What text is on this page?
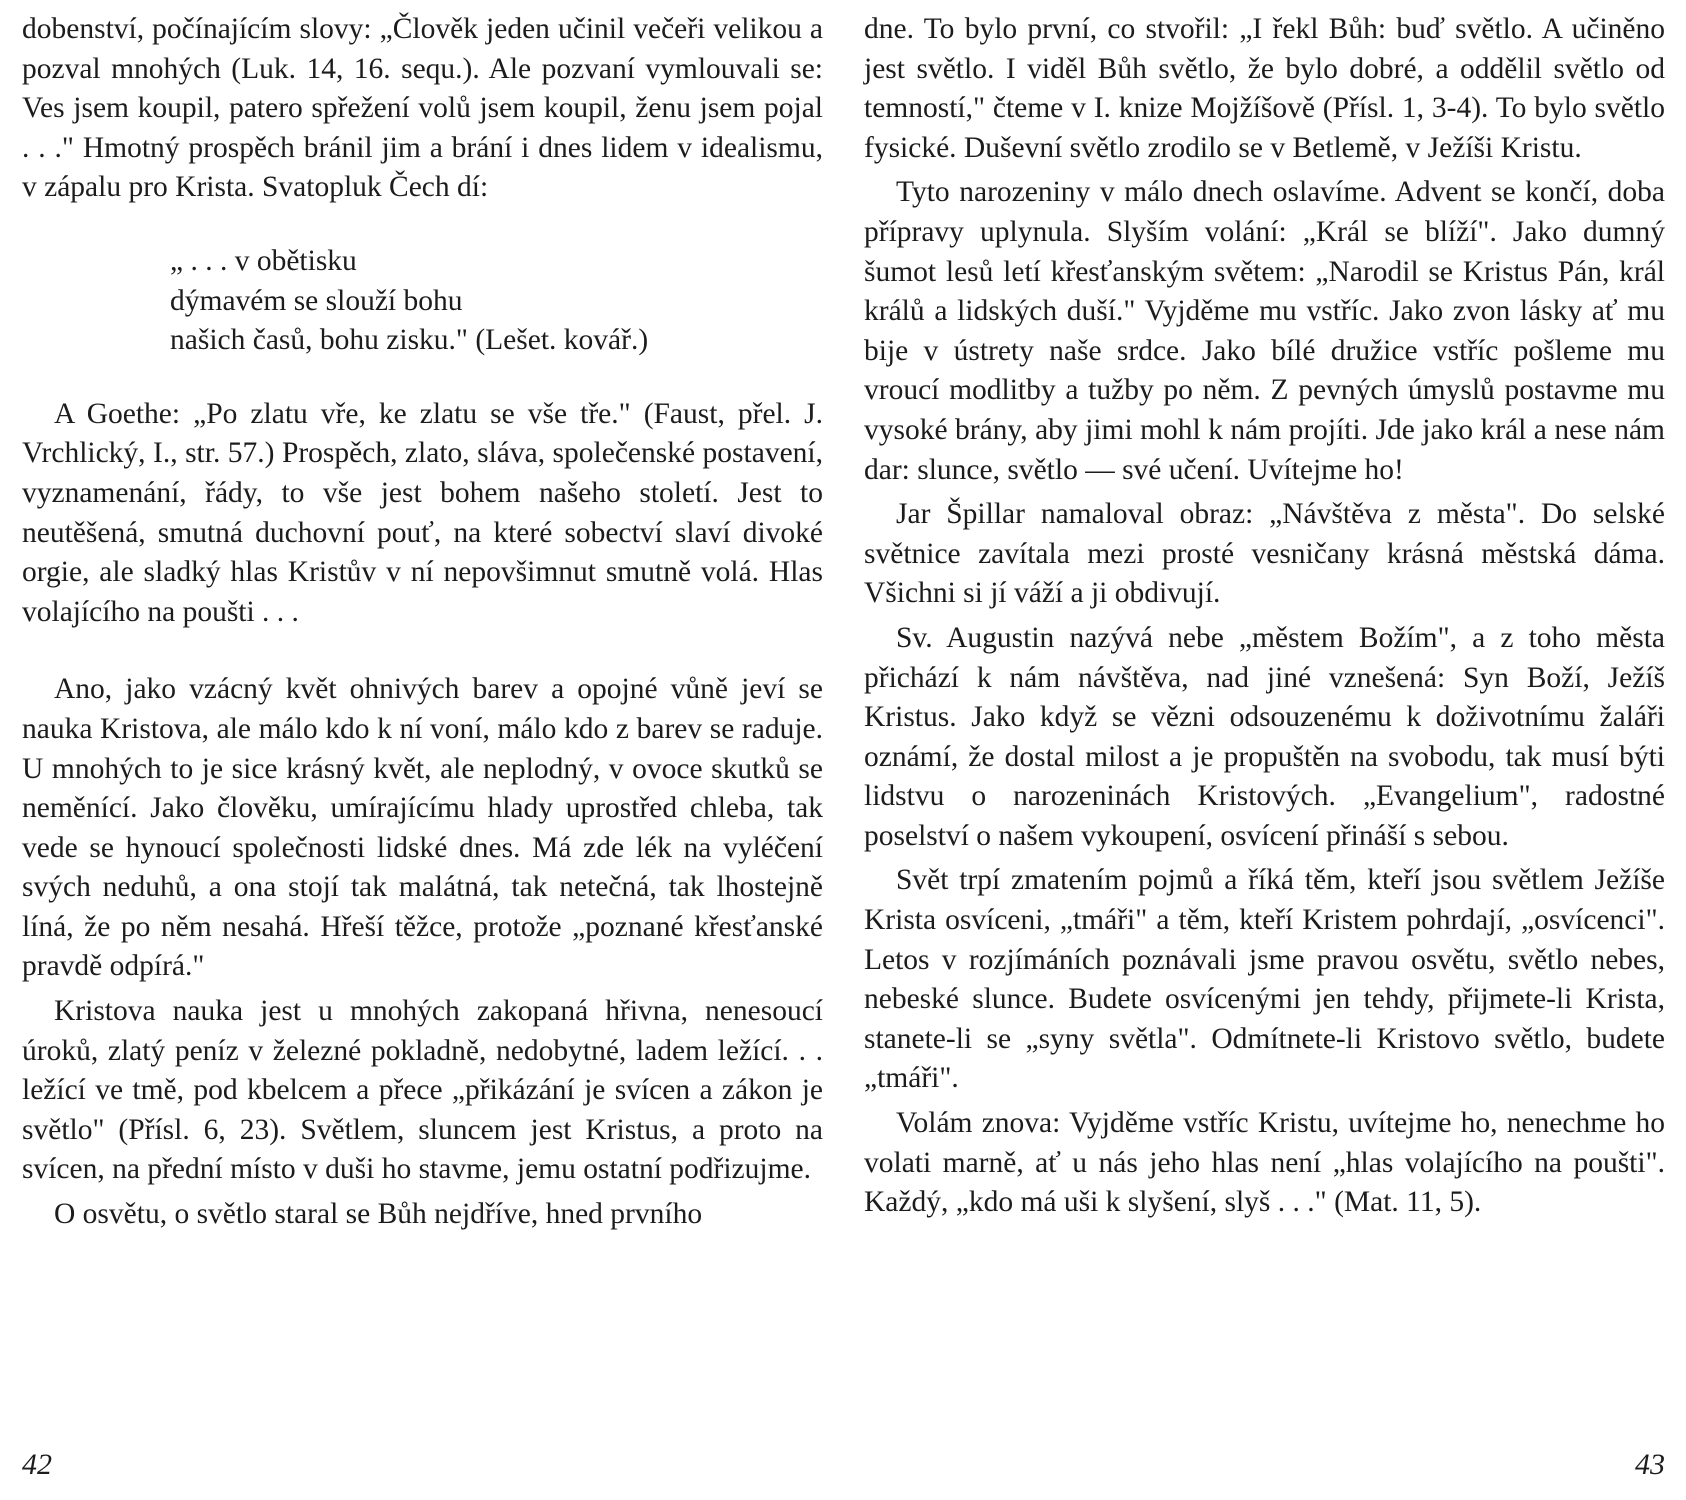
dobenství, počínajícím slovy: „Člověk jeden učinil večeři velikou a pozval mnohých (Luk. 14, 16. sequ.). Ale pozvaní vymlouvali se: Ves jsem koupil, patero spřežení volů jsem koupil, ženu jsem pojal . . ." Hmotný prospěch bránil jim a brání i dnes lidem v idealismu, v zápalu pro Krista. Svatopluk Čech dí:

„ . . . v obětisku
dýmavém se slouží bohu
našich časů, bohu zisku." (Lešet. kovář.)

A Goethe: „Po zlatu vře, ke zlatu se vše tře." (Faust, přel. J. Vrchlický, I., str. 57.) Prospěch, zlato, sláva, společenské postavení, vyznamenání, řády, to vše jest bohem našeho století. Jest to neutěšená, smutná duchovní pouť, na které sobectví slaví divoké orgie, ale sladký hlas Kristův v ní nepovšimnut smutně volá. Hlas volajícího na poušti . . .

Ano, jako vzácný květ ohnivých barev a opojné vůně jeví se nauka Kristova, ale málo kdo k ní voní, málo kdo z barev se raduje. U mnohých to je sice krásný květ, ale neplodný, v ovoce skutků se neměnící. Jako člověku, umírajícímu hlady uprostřed chleba, tak vede se hynoucí společnosti lidské dnes. Má zde lék na vyléčení svých neduhů, a ona stojí tak malátná, tak netečná, tak lhostejně líná, že po něm nesahá. Hřeší těžce, protože „poznané křesťanské pravdě odpírá."

Kristova nauka jest u mnohých zakopaná hřivna, nenesoucí úroků, zlatý peníz v železné pokladně, nedobytné, ladem ležící. . . ležící ve tmě, pod kbelcem a přece „přikázání je svícen a zákon je světlo" (Přísl. 6, 23). Světlem, sluncem jest Kristus, a proto na svícen, na přední místo v duši ho stavme, jemu ostatní podřizujme.

O osvětu, o světlo staral se Bůh nejdříve, hned prvního

dne. To bylo první, co stvořil: „I řekl Bůh: buď světlo. A učiněno jest světlo. I viděl Bůh světlo, že bylo dobré, a oddělil světlo od temností," čteme v I. knize Mojžíšově (Přísl. 1, 3-4). To bylo světlo fysické. Duševní světlo zrodilo se v Betlemě, v Ježíši Kristu.

Tyto narozeniny v málo dnech oslavíme. Advent se končí, doba přípravy uplynula. Slyším volání: „Král se blíží". Jako dumný šumot lesů letí křesťanským světem: „Narodil se Kristus Pán, král králů a lidských duší." Vyjděme mu vstříc. Jako zvon lásky ať mu bije v ústrety naše srdce. Jako bílé družice vstříc pošleme mu vroucí modlitby a tužby po něm. Z pevných úmyslů postavme mu vysoké brány, aby jimi mohl k nám projíti. Jde jako král a nese nám dar: slunce, světlo — své učení. Uvítejme ho!

Jar Špillar namaloval obraz: „Návštěva z města". Do selské světnice zavítala mezi prosté vesničany krásná městská dáma. Všichni si jí váží a ji obdivují.

Sv. Augustin nazývá nebe „městem Božím", a z toho města přichází k nám návštěva, nad jiné vznešená: Syn Boží, Ježíš Kristus. Jako když se vězni odsouzenému k doživotnímu žaláři oznámí, že dostal milost a je propuštěn na svobodu, tak musí býti lidstvu o narozeninách Kristových. „Evangelium", radostné poselství o našem vykoupení, osvícení přináší s sebou.

Svět trpí zmatením pojmů a říká těm, kteří jsou světlem Ježíše Krista osvíceni, „tmáři" a těm, kteří Kristem pohrdají, „osvícenci". Letos v rozjímáních poznávali jsme pravou osvětu, světlo nebes, nebeské slunce. Budete osvícenými jen tehdy, přijmete-li Krista, stanete-li se „syny světla". Odmítnete-li Kristovo světlo, budete „tmáři".

Volám znova: Vyjděme vstříc Kristu, uvítejme ho, nenechme ho volati marně, ať u nás jeho hlas není „hlas volajícího na poušti". Každý, „kdo má uši k slyšení, slyš . . ." (Mat. 11, 5).

42	43
